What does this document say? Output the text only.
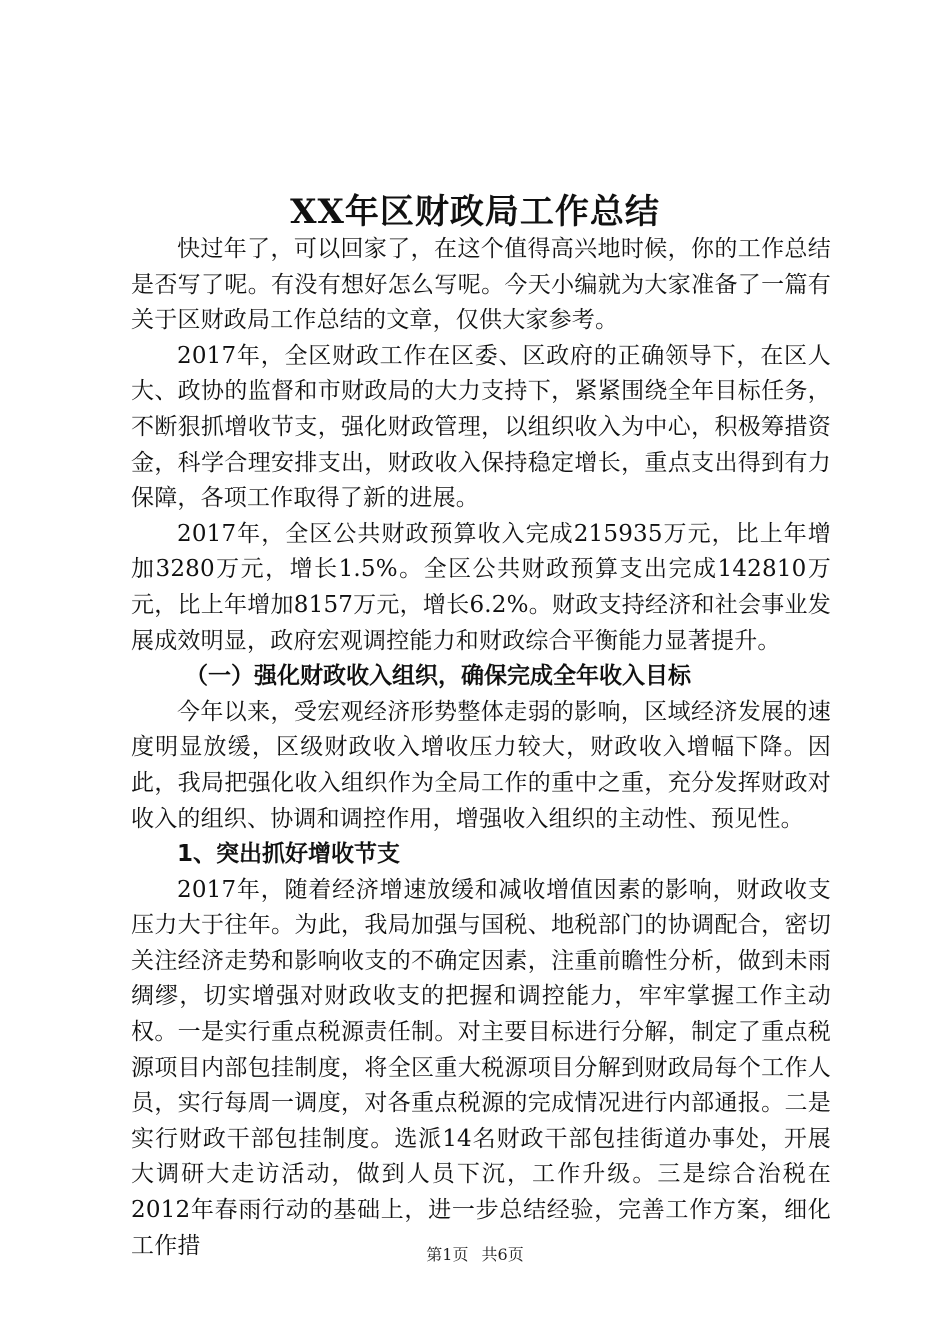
XX年区财政局工作总结

快过年了，可以回家了，在这个值得高兴地时候，你的工作总结是否写了呢。有没有想好怎么写呢。今天小编就为大家准备了一篇有关于区财政局工作总结的文章，仅供大家参考。

2017年，全区财政工作在区委、区政府的正确领导下，在区人大、政协的监督和市财政局的大力支持下，紧紧围绕全年目标任务，不断狠抓增收节支，强化财政管理，以组织收入为中心，积极筹措资金，科学合理安排支出，财政收入保持稳定增长，重点支出得到有力保障，各项工作取得了新的进展。

2017年，全区公共财政预算收入完成215935万元，比上年增加3280万元，增长1.5%。全区公共财政预算支出完成142810万元，比上年增加8157万元，增长6.2%。财政支持经济和社会事业发展成效明显，政府宏观调控能力和财政综合平衡能力显著提升。

（一）强化财政收入组织，确保完成全年收入目标

今年以来，受宏观经济形势整体走弱的影响，区域经济发展的速度明显放缓，区级财政收入增收压力较大，财政收入增幅下降。因此，我局把强化收入组织作为全局工作的重中之重，充分发挥财政对收入的组织、协调和调控作用，增强收入组织的主动性、预见性。

1、突出抓好增收节支

2017年，随着经济增速放缓和减收增值因素的影响，财政收支压力大于往年。为此，我局加强与国税、地税部门的协调配合，密切关注经济走势和影响收支的不确定因素，注重前瞻性分析，做到未雨绸缪，切实增强对财政收支的把握和调控能力，牢牢掌握工作主动权。一是实行重点税源责任制。对主要目标进行分解，制定了重点税源项目内部包挂制度，将全区重大税源项目分解到财政局每个工作人员，实行每周一调度，对各重点税源的完成情况进行内部通报。二是实行财政干部包挂制度。选派14名财政干部包挂街道办事处，开展大调研大走访活动，做到人员下沉，工作升级。三是综合治税在2012年春雨行动的基础上，进一步总结经验，完善工作方案，细化工作措	第1页 共6页
